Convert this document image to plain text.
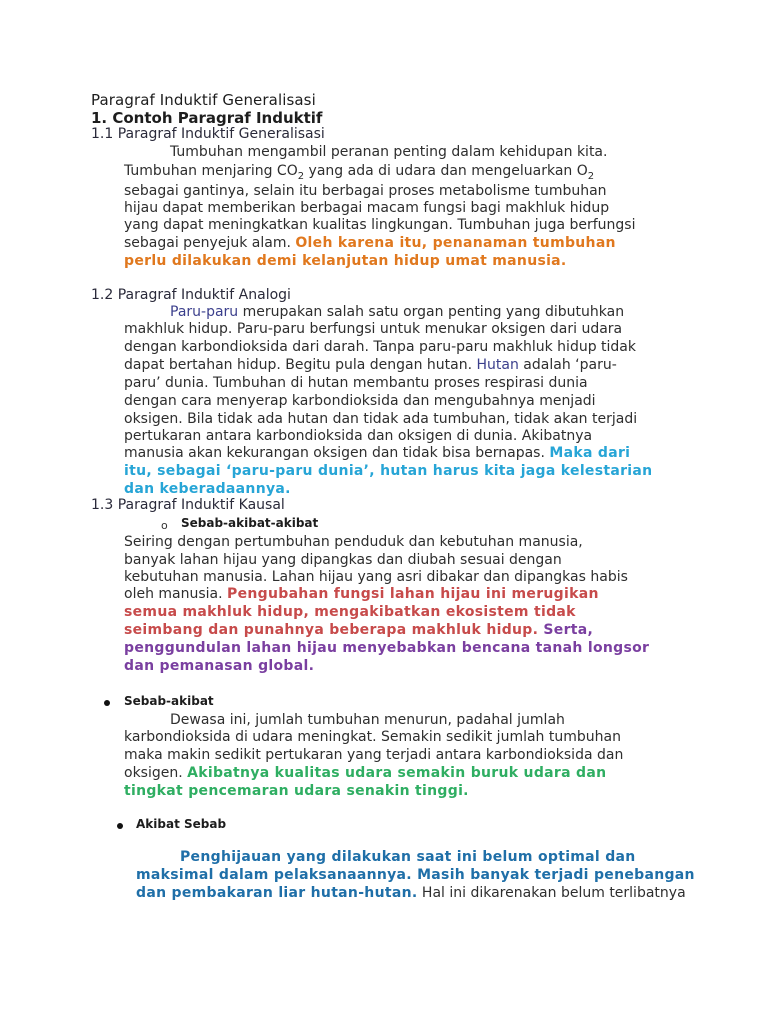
Paragraf Induktif Generalisasi
1. Contoh Paragraf Induktif
1.1 Paragraf Induktif Generalisasi
Tumbuhan mengambil peranan penting dalam kehidupan kita.
Tumbuhan menjaring $CO_2$ yang ada di udara dan mengeluarkan $O_2$
sebagai gantinya, selain itu berbagai proses metabolisme tumbuhan
hijau dapat memberikan berbagai macam fungsi bagi makhluk hidup
yang dapat meningkatkan kualitas lingkungan. Tumbuhan juga berfungsi
sebagai penyejuk alam. Oleh karena itu, penanaman tumbuhan
perlu dilakukan demi kelanjutan hidup umat manusia.
1.2 Paragraf Induktif Analogi
Paru-paru merupakan salah satu organ penting yang dibutuhkan
makhluk hidup. Paru-paru berfungsi untuk menukar oksigen dari udara
dengan karbondioksida dari darah. Tanpa paru-paru makhluk hidup tidak
dapat bertahan hidup. Begitu pula dengan hutan. Hutan adalah ‘paru-
paru’ dunia. Tumbuhan di hutan membantu proses respirasi dunia
dengan cara menyerap karbondioksida dan mengubahnya menjadi
oksigen. Bila tidak ada hutan dan tidak ada tumbuhan, tidak akan terjadi
pertukaran antara karbondioksida dan oksigen di dunia. Akibatnya
manusia akan kekurangan oksigen dan tidak bisa bernapas. Maka dari
itu, sebagai ‘paru-paru dunia’, hutan harus kita jaga kelestarian
dan keberadaannya.
1.3 Paragraf Induktif Kausal
o Sebab-akibat-akibat
Seiring dengan pertumbuhan penduduk dan kebutuhan manusia,
banyak lahan hijau yang dipangkas dan diubah sesuai dengan
kebutuhan manusia. Lahan hijau yang asri dibakar dan dipangkas habis
oleh manusia. Pengubahan fungsi lahan hijau ini merugikan
semua makhluk hidup, mengakibatkan ekosistem tidak
seimbang dan punahnya beberapa makhluk hidup. Serta,
penggundulan lahan hijau menyebabkan bencana tanah longsor
dan pemanasan global.
Sebab-akibat
Dewasa ini, jumlah tumbuhan menurun, padahal jumlah
karbondioksida di udara meningkat. Semakin sedikit jumlah tumbuhan
maka makin sedikit pertukaran yang terjadi antara karbondioksida dan
oksigen. Akibatnya kualitas udara semakin buruk udara dan
tingkat pencemaran udara senakin tinggi.
Akibat Sebab
Penghijauan yang dilakukan saat ini belum optimal dan
maksimal dalam pelaksanaannya. Masih banyak terjadi penebangan
dan pembakaran liar hutan-hutan. Hal ini dikarenakan belum terlibatnya
